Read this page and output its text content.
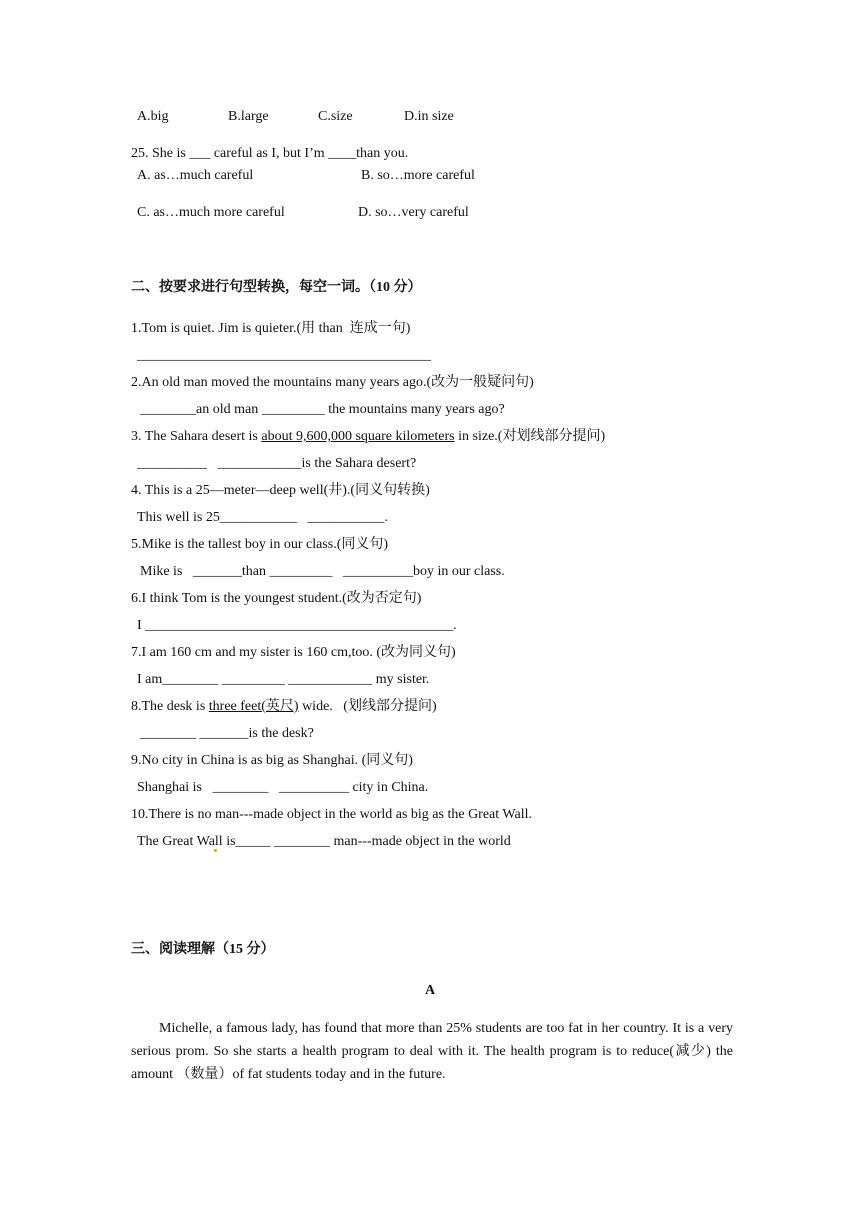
A.big	B.large	C.size	D.in size
25. She is ___ careful as I, but I’m ____than you.
A. as…much careful	B. so…more careful
C. as…much more careful	D. so…very careful
二、按要求进行句型转换，每空一词。（10 分）
1.Tom is quiet. Jim is quieter.(用 than  连成一句)
__________________________________________
2.An old man moved the mountains many years ago.(改为一般疑问句)
________an old man _________ the mountains many years ago?
3. The Sahara desert is about 9,600,000 square kilometers in size.(对划线部分提问)
__________   ____________is the Sahara desert?
4. This is a 25—meter—deep well(井).(同义句转换)
This well is 25___________   ___________.
5.Mike is the tallest boy in our class.(同义句)
Mike is   _______than _________   __________boy in our class.
6.I think Tom is the youngest student.(改为否定句)
I ____________________________________________.
7.I am 160 cm and my sister is 160 cm,too. (改为同义句)
I am________ _________ ____________ my sister.
8.The desk is three feet(英尺) wide.   (划线部分提问)
________ _______is the desk?
9.No city in China is as big as Shanghai. (同义句)
Shanghai is   ________   __________ city in China.
10.There is no man---made object in the world as big as the Great Wall.
The Great Wall is_____ ________ man---made object in the world
三、阅读理解（15 分）
A
Michelle, a famous lady, has found that more than 25% students are too fat in her country. It is a very serious prom. So she starts a health program to deal with it. The health program is to reduce(减少) the amount （数量）of fat students today and in the future.
